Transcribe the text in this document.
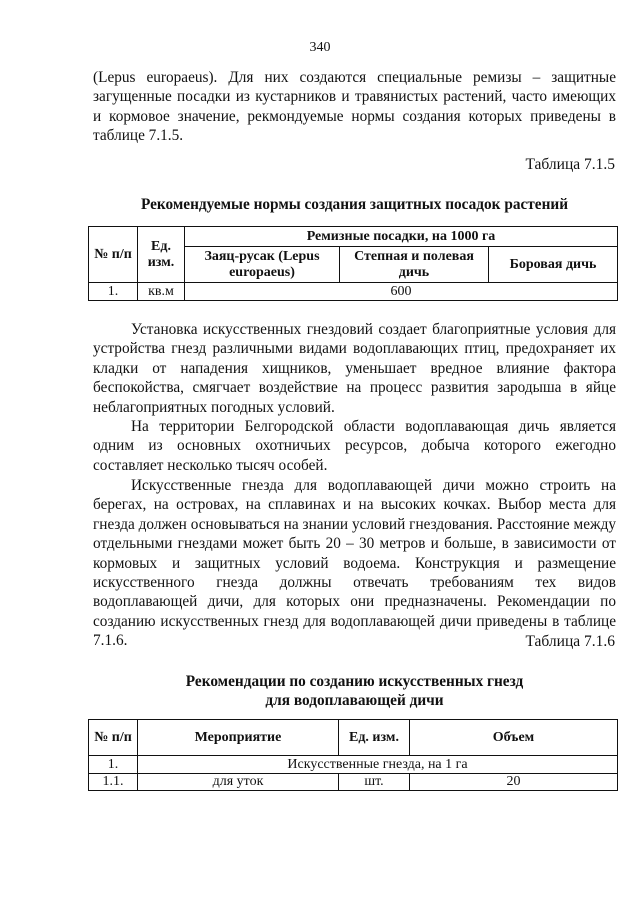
340
(Lepus europaeus). Для них создаются специальные ремизы – защитные загущенные посадки из кустарников и травянистых растений, часто имеющих и кормовое значение, рекмондуемые нормы создания которых приведены в таблице 7.1.5.
Таблица 7.1.5
Рекомендуемые нормы создания защитных посадок растений
№ п/п	Ед. изм.	Ремизные посадки, на 1000 га		
		Заяц-русак (Lepus europaeus)	Степная и полевая дичь	Боровая дичь
1.	кв.м	600		
Установка искусственных гнездовий создает благоприятные условия для устройства гнезд различными видами водоплавающих птиц, предохраняет их кладки от нападения хищников, уменьшает вредное влияние фактора беспокойства, смягчает воздействие на процесс развития зародыша в яйце неблагоприятных погодных условий.
На территории Белгородской области водоплавающая дичь является одним из основных охотничьих ресурсов, добыча которого ежегодно составляет несколько тысяч особей.
Искусственные гнезда для водоплавающей дичи можно строить на берегах, на островах, на сплавинах и на высоких кочках. Выбор места для гнезда должен основываться на знании условий гнездования. Расстояние между отдельными гнездами может быть 20 – 30 метров и больше, в зависимости от кормовых и защитных условий водоема. Конструкция и размещение искусственного гнезда должны отвечать требованиям тех видов водоплавающей дичи, для которых они предназначены. Рекомендации по созданию искусственных гнезд для водоплавающей дичи приведены в таблице 7.1.6.	Таблица 7.1.6
Рекомендации по созданию искусственных гнезд
для водоплавающей дичи
№ п/п	Мероприятие	Ед. изм.	Объем
1.	Искусственные гнезда, на 1 га		
1.1.	для уток	шт.	20
